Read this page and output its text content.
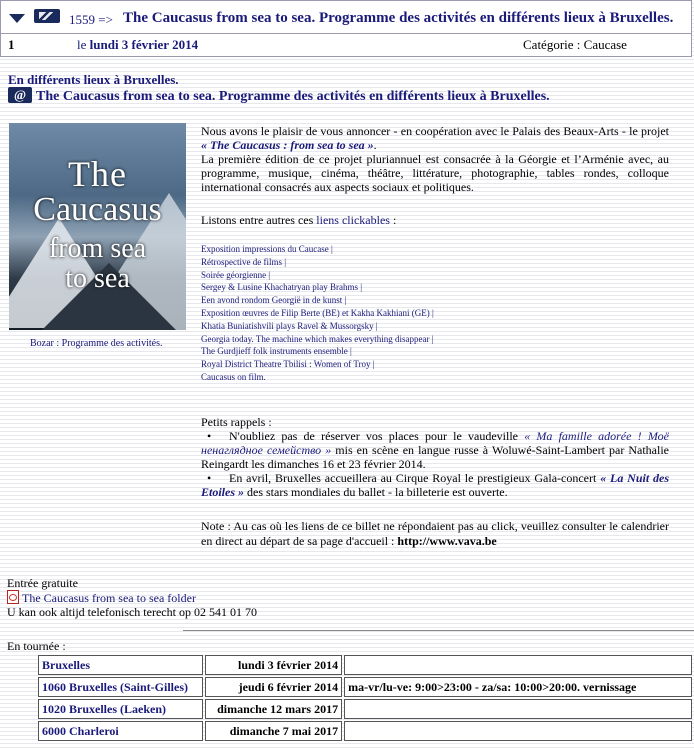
1559 => The Caucasus from sea to sea. Programme des activités en différents lieux à Bruxelles.
1	le lundi 3 février 2014	Catégorie : Caucase
En différents lieux à Bruxelles.
@ The Caucasus from sea to sea. Programme des activités en différents lieux à Bruxelles.
The
Caucasus
from sea
to sea
Bozar : Programme des activités.
Nous avons le plaisir de vous annoncer - en coopération avec le Palais des Beaux-Arts - le projet « The Caucasus : from sea to sea ».
La première édition de ce projet pluriannuel est consacrée à la Géorgie et l’Arménie avec, au programme, musique, cinéma, théâtre, littérature, photographie, tables rondes, colloque international consacrés aux aspects sociaux et politiques.
Listons entre autres ces liens clickables :
Exposition impressions du Caucase |
Rétrospective de films |
Soirée géorgienne |
Sergey & Lusine Khachatryan play Brahms |
Een avond rondom Georgië in de kunst |
Exposition œuvres de Filip Berte (BE) et Kakha Kakhiani (GE) |
Khatia Buniatishvili plays Ravel & Mussorgsky |
Georgia today. The machine which makes everything disappear |
The Gurdjieff folk instruments ensemble |
Royal District Theatre Tbilisi : Women of Troy |
Caucasus on film.
Petits rappels :
• N'oubliez pas de réserver vos places pour le vaudeville « Ma famille adorée ! Моё ненаглядное семейство » mis en scène en langue russe à Woluwé-Saint-Lambert par Nathalie Reingardt les dimanches 16 et 23 février 2014.
• En avril, Bruxelles accueillera au Cirque Royal le prestigieux Gala-concert « La Nuit des Etoiles » des stars mondiales du ballet - la billeterie est ouverte.
Note : Au cas où les liens de ce billet ne répondaient pas au click, veuillez consulter le calendrier en direct au départ de sa page d'accueil : http://www.vava.be
Entrée gratuite
The Caucasus from sea to sea folder
U kan ook altijd telefonisch terecht op 02 541 01 70
En tournée :
Bruxelles	lundi 3 février 2014	
1060 Bruxelles (Saint-Gilles)	jeudi 6 février 2014	ma-vr/lu-ve: 9:00>23:00 - za/sa: 10:00>20:00. vernissage
1020 Bruxelles (Laeken)	dimanche 12 mars 2017	
6000 Charleroi	dimanche 7 mai 2017	
